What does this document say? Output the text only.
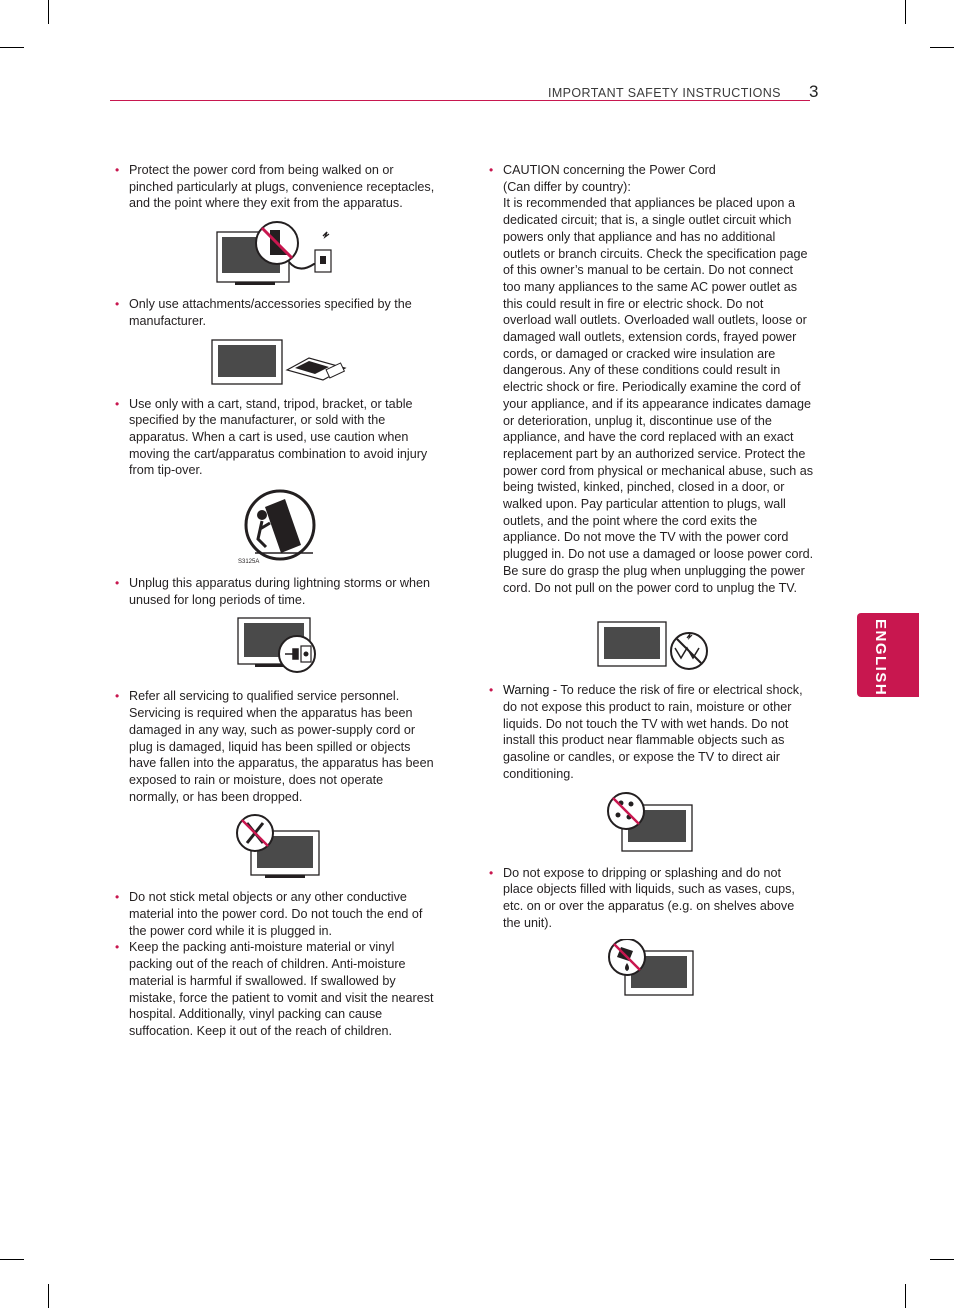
IMPORTANT SAFETY INSTRUCTIONS 3
ENGLISH
• Protect the power cord from being walked on or pinched particularly at plugs, convenience receptacles, and the point where they exit from the apparatus.
• Only use attachments/accessories specified by the manufacturer.
• Use only with a cart, stand, tripod, bracket, or table specified by the manufacturer, or sold with the apparatus. When a cart is used, use caution when moving the cart/apparatus combination to avoid injury from tip-over.
S3125A
• Unplug this apparatus during lightning storms or when unused for long periods of time.
• Refer all servicing to qualified service personnel. Servicing is required when the apparatus has been damaged in any way, such as power-supply cord or plug is damaged, liquid has been spilled or objects have fallen into the apparatus, the apparatus has been exposed to rain or moisture, does not operate normally, or has been dropped.
• Do not stick metal objects or any other conductive material into the power cord. Do not touch the end of the power cord while it is plugged in.
• Keep the packing anti-moisture material or vinyl packing out of the reach of children. Anti-moisture material is harmful if swallowed. If swallowed by mistake, force the patient to vomit and visit the nearest hospital. Additionally, vinyl packing can cause suffocation. Keep it out of the reach of children.
• CAUTION concerning the Power Cord
(Can differ by country):
It is recommended that appliances be placed upon a dedicated circuit; that is, a single outlet circuit which powers only that appliance and has no additional outlets or branch circuits. Check the specification page of this owner’s manual to be certain. Do not connect too many appliances to the same AC power outlet as this could result in fire or electric shock. Do not overload wall outlets. Overloaded wall outlets, loose or damaged wall outlets, extension cords, frayed power cords, or damaged or cracked wire insulation are dangerous. Any of these conditions could result in electric shock or fire. Periodically examine the cord of your appliance, and if its appearance indicates damage or deterioration, unplug it, discontinue use of the appliance, and have the cord replaced with an exact replacement part by an authorized service. Protect the power cord from physical or mechanical abuse, such as being twisted, kinked, pinched, closed in a door, or walked upon. Pay particular attention to plugs, wall outlets, and the point where the cord exits the appliance. Do not move the TV with the power cord plugged in. Do not use a damaged or loose power cord. Be sure do grasp the plug when unplugging the power cord. Do not pull on the power cord to unplug the TV.
• Warning - To reduce the risk of fire or electrical shock, do not expose this product to rain, moisture or other liquids. Do not touch the TV with wet hands. Do not install this product near flammable objects such as gasoline or candles, or expose the TV to direct air conditioning.
• Do not expose to dripping or splashing and do not place objects filled with liquids, such as vases, cups, etc. on or over the apparatus (e.g. on shelves above the unit).
